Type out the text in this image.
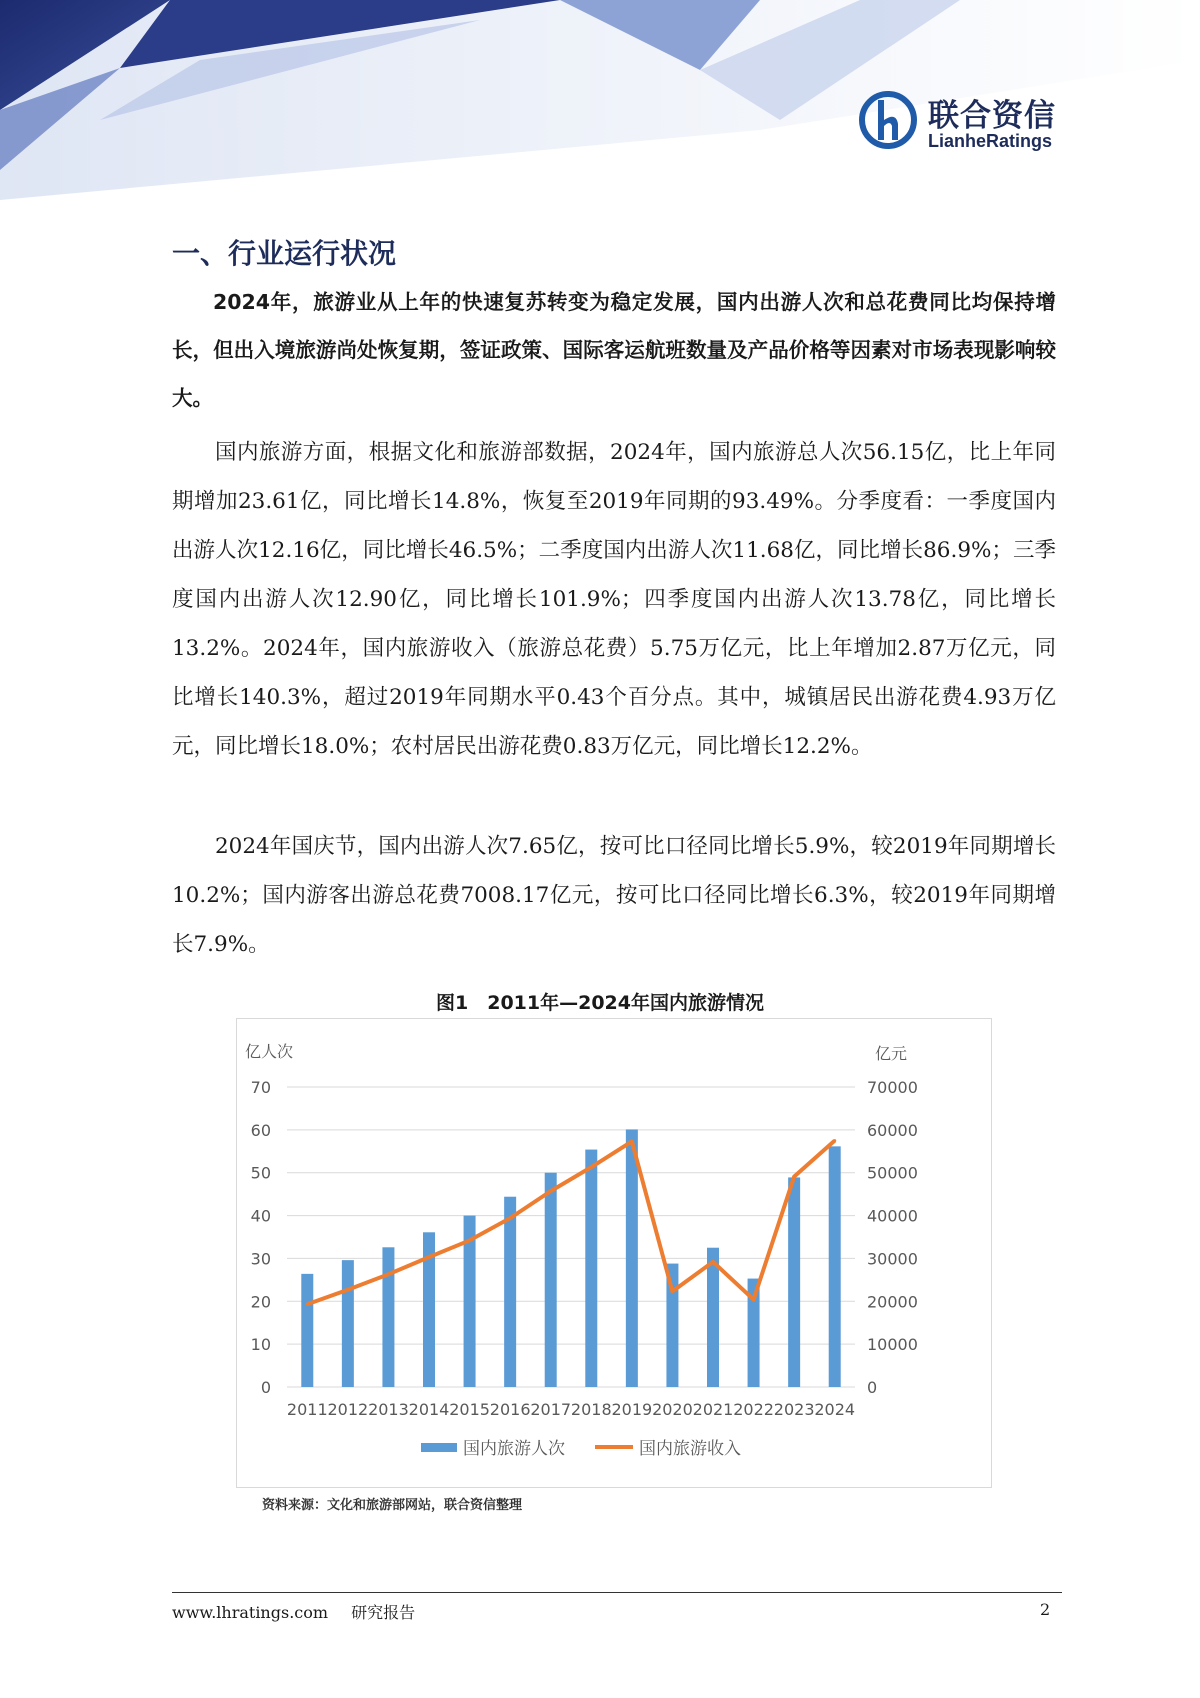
联合资信
LianheRatings
一、行业运行状况

2024年，旅游业从上年的快速复苏转变为稳定发展，国内出游人次和总花费同比均保持增长，但出入境旅游尚处恢复期，签证政策、国际客运航班数量及产品价格等因素对市场表现影响较大。

国内旅游方面，根据文化和旅游部数据，2024年，国内旅游总人次56.15亿，比上年同期增加23.61亿，同比增长14.8%，恢复至2019年同期的93.49%。分季度看：一季度国内出游人次12.16亿，同比增长46.5%；二季度国内出游人次11.68亿，同比增长86.9%；三季度国内出游人次12.90亿，同比增长101.9%；四季度国内出游人次13.78亿，同比增长13.2%。2024年，国内旅游收入（旅游总花费）5.75万亿元，比上年增加2.87万亿元，同比增长140.3%，超过2019年同期水平0.43个百分点。其中，城镇居民出游花费4.93万亿元，同比增长18.0%；农村居民出游花费0.83万亿元，同比增长12.2%。

2024年国庆节，国内出游人次7.65亿，按可比口径同比增长5.9%，较2019年同期增长10.2%；国内游客出游总花费7008.17亿元，按可比口径同比增长6.3%，较2019年同期增长7.9%。

图1　2011年—2024年国内旅游情况

亿人次	亿元
0	0
10	10000
20	20000
30	30000
40	40000
50	50000
60	60000
70	70000
2011 2012 2013 2014 2015 2016 2017 2018 2019 2020 2021 2022 2023 2024
国内旅游人次	国内旅游收入
资料来源：文化和旅游部网站，联合资信整理
www.lhratings.com 研究报告	2
